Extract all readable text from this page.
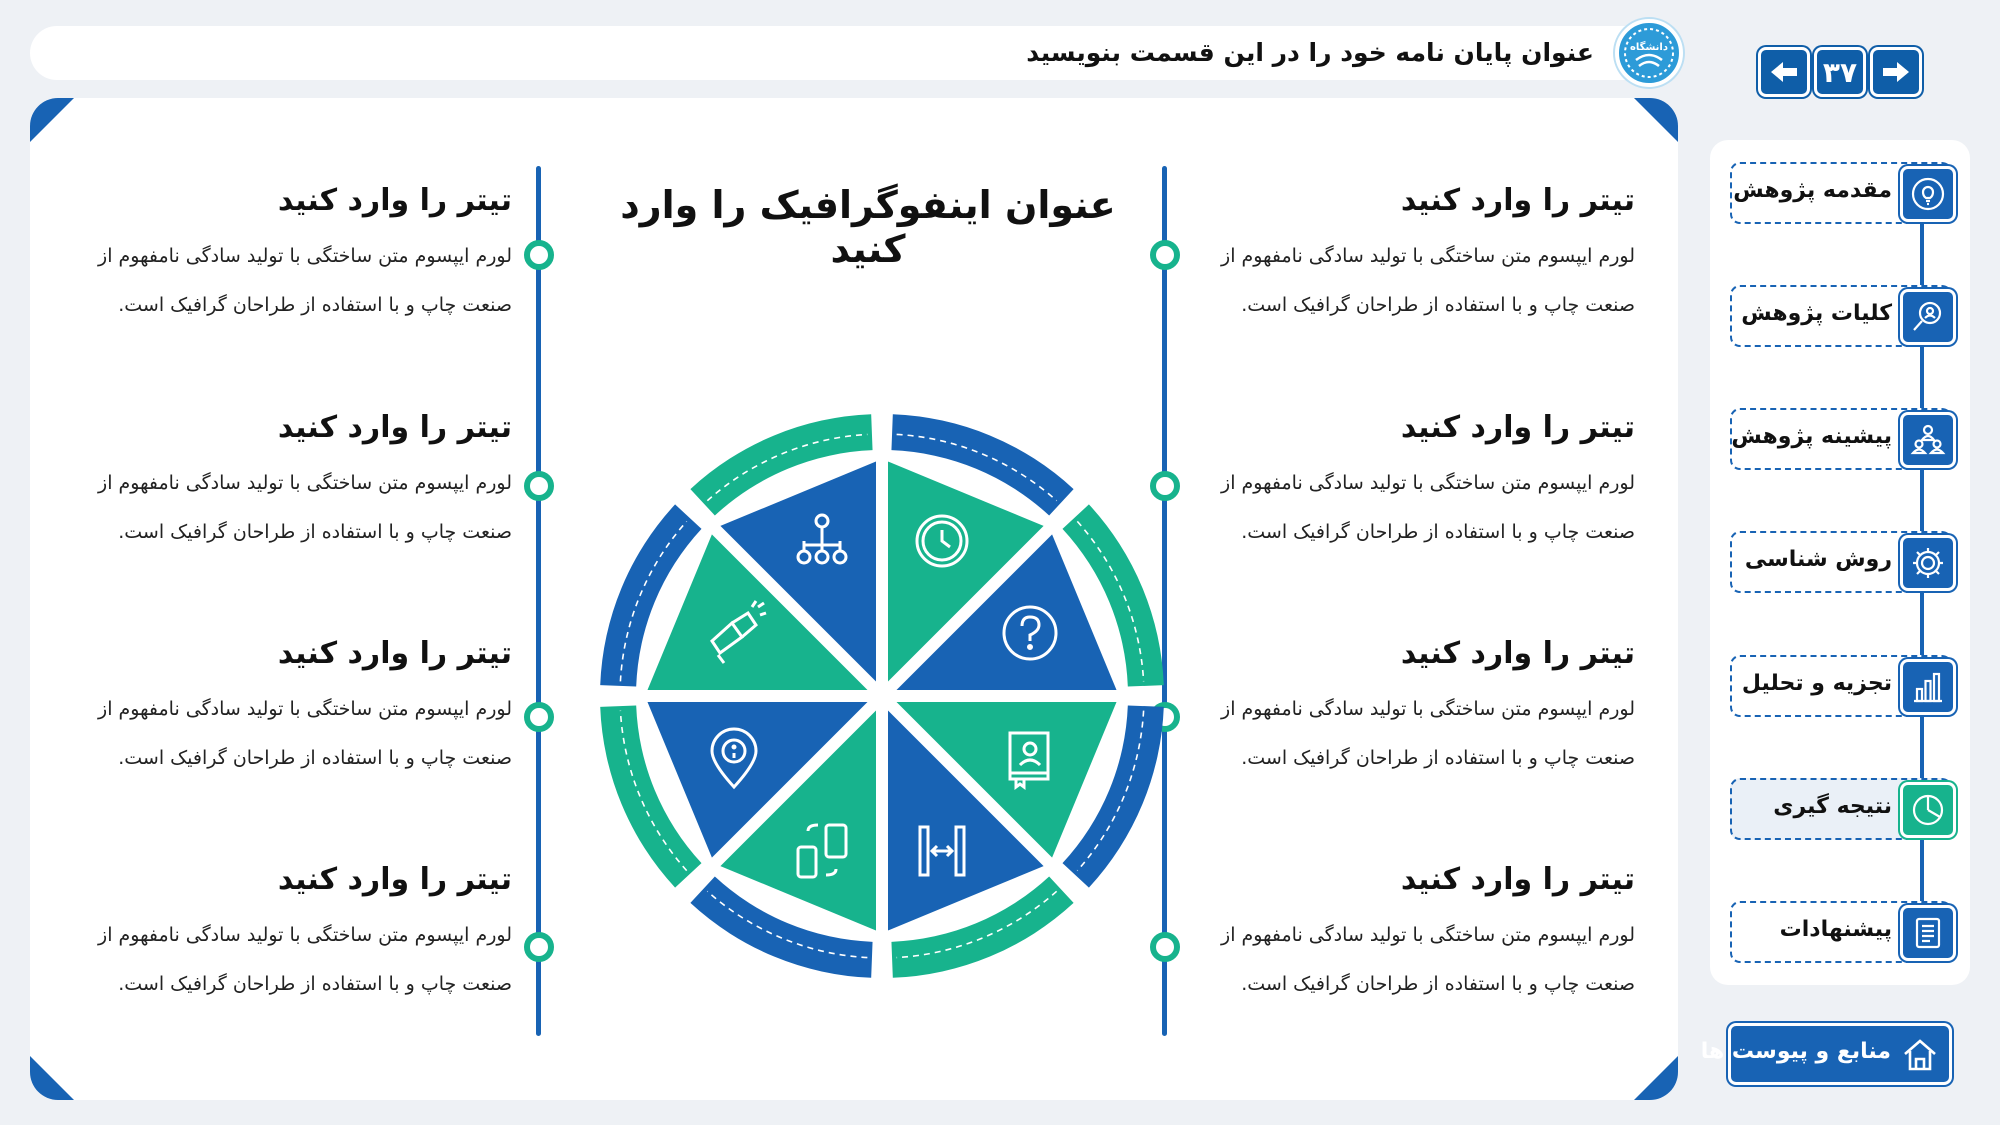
عنوان پایان نامه خود را در این قسمت بنویسید	دانشگاه
۳۷
عنوان اینفوگرافیک را وارد کنید
تیتر را وارد کنید
لورم ایپسوم متن ساختگی با تولید سادگی نامفهوم از
صنعت چاپ و با استفاده از طراحان گرافیک است.
تیتر را وارد کنید
لورم ایپسوم متن ساختگی با تولید سادگی نامفهوم از
صنعت چاپ و با استفاده از طراحان گرافیک است.
تیتر را وارد کنید
لورم ایپسوم متن ساختگی با تولید سادگی نامفهوم از
صنعت چاپ و با استفاده از طراحان گرافیک است.
تیتر را وارد کنید
لورم ایپسوم متن ساختگی با تولید سادگی نامفهوم از
صنعت چاپ و با استفاده از طراحان گرافیک است.
تیتر را وارد کنید
لورم ایپسوم متن ساختگی با تولید سادگی نامفهوم از
صنعت چاپ و با استفاده از طراحان گرافیک است.
تیتر را وارد کنید
لورم ایپسوم متن ساختگی با تولید سادگی نامفهوم از
صنعت چاپ و با استفاده از طراحان گرافیک است.
تیتر را وارد کنید
لورم ایپسوم متن ساختگی با تولید سادگی نامفهوم از
صنعت چاپ و با استفاده از طراحان گرافیک است.
تیتر را وارد کنید
لورم ایپسوم متن ساختگی با تولید سادگی نامفهوم از
صنعت چاپ و با استفاده از طراحان گرافیک است.
مقدمه پژوهش
کلیات پژوهش
پیشینه پژوهش
روش شناسی
تجزیه و تحلیل
نتیجه گیری
پیشنهادات
منابع و پیوست ها
